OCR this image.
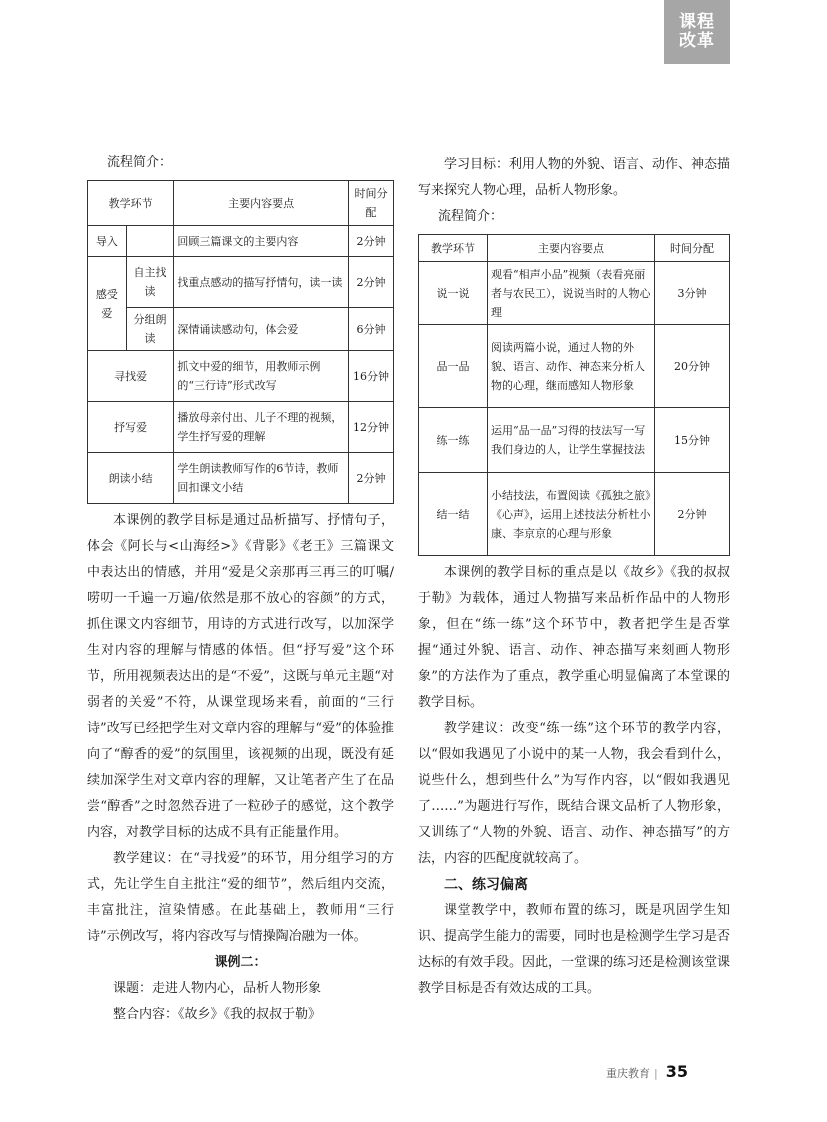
课程
改革
流程简介：
教学环节		主要内容要点	时间分配
导入		回顾三篇课文的主要内容	2分钟
感受爱	自主找读	找重点感动的描写抒情句，读一读	2分钟
	分组朗读	深情诵读感动句，体会爱	6分钟
寻找爱		抓文中爱的细节，用教师示例的“三行诗”形式改写	16分钟
抒写爱		播放母亲付出、儿子不理的视频，学生抒写爱的理解	12分钟
朗读小结		学生朗读教师写作的6节诗，教师回扣课文小结	2分钟

本课例的教学目标是通过品析描写、抒情句子，体会《阿长与<山海经>》《背影》《老王》三篇课文中表达出的情感，并用“爱是父亲那再三再三的叮嘱/唠叨一千遍一万遍/依然是那不放心的容颜”的方式，抓住课文内容细节，用诗的方式进行改写，以加深学生对内容的理解与情感的体悟。但“抒写爱”这个环节，所用视频表达出的是“不爱”，这既与单元主题“对弱者的关爱”不符，从课堂现场来看，前面的“三行诗”改写已经把学生对文章内容的理解与“爱”的体验推向了“醇香的爱”的氛围里，该视频的出现，既没有延续加深学生对文章内容的理解，又让笔者产生了在品尝“醇香”之时忽然吞进了一粒砂子的感觉，这个教学内容，对教学目标的达成不具有正能量作用。

教学建议：在“寻找爱”的环节，用分组学习的方式，先让学生自主批注“爱的细节”，然后组内交流，丰富批注，渲染情感。在此基础上，教师用“三行诗”示例改写，将内容改写与情操陶冶融为一体。

课例二：

课题：走进人物内心，品析人物形象

整合内容：《故乡》《我的叔叔于勒》

学习目标：利用人物的外貌、语言、动作、神态描写来探究人物心理，品析人物形象。

流程简介：
教学环节	主要内容要点	时间分配
说一说	观看“相声小品”视频（表看亮丽者与农民工），说说当时的人物心理	3分钟
品一品	阅读两篇小说，通过人物的外貌、语言、动作、神态来分析人物的心理，继而感知人物形象	20分钟
练一练	运用“品一品”习得的技法写一写我们身边的人，让学生掌握技法	15分钟
结一结	小结技法，布置阅读《孤独之旅》《心声》，运用上述技法分析杜小康、李京京的心理与形象	2分钟

本课例的教学目标的重点是以《故乡》《我的叔叔于勒》为载体，通过人物描写来品析作品中的人物形象，但在“练一练”这个环节中，教者把学生是否掌握“通过外貌、语言、动作、神态描写来刻画人物形象”的方法作为了重点，教学重心明显偏离了本堂课的教学目标。

教学建议：改变“练一练”这个环节的教学内容，以“假如我遇见了小说中的某一人物，我会看到什么，说些什么，想到些什么”为写作内容，以“假如我遇见了……”为题进行写作，既结合课文品析了人物形象，又训练了“人物的外貌、语言、动作、神态描写”的方法，内容的匹配度就较高了。

二、练习偏离

课堂教学中，教师布置的练习，既是巩固学生知识、提高学生能力的需要，同时也是检测学生学习是否达标的有效手段。因此，一堂课的练习还是检测该堂课教学目标是否有效达成的工具。

重庆教育 | 35
